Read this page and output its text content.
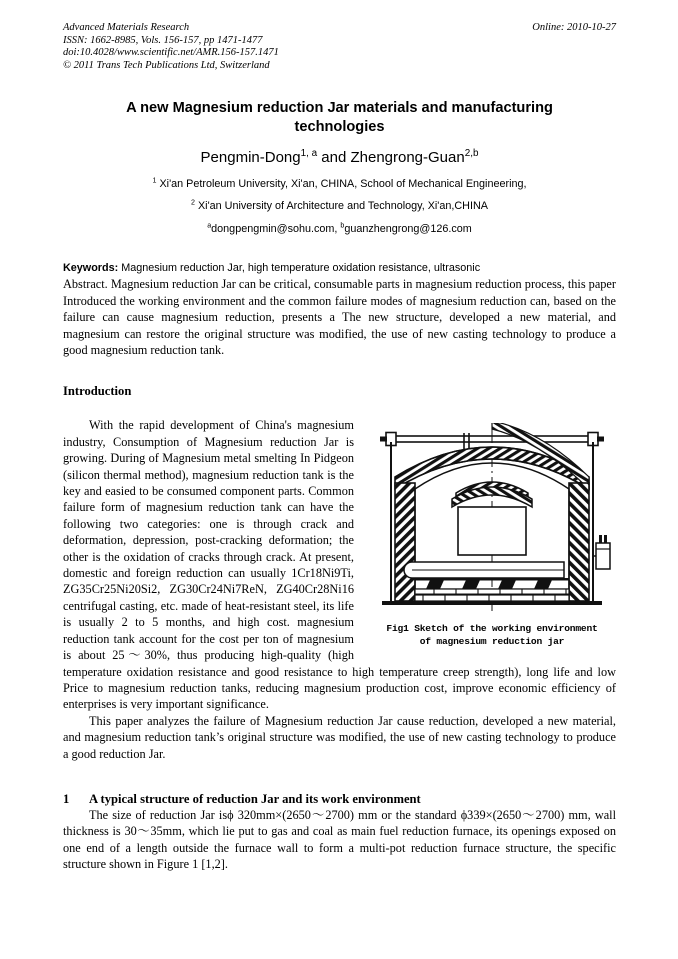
Advanced Materials Research
ISSN: 1662-8985, Vols. 156-157, pp 1471-1477
doi:10.4028/www.scientific.net/AMR.156-157.1471
© 2011 Trans Tech Publications Ltd, Switzerland
Online: 2010-10-27
A new Magnesium reduction Jar materials and manufacturing technologies
Pengmin-Dong$^{1, a}$ and Zhengrong-Guan$^{2,b}$
$^1$ Xi'an Petroleum University, Xi'an, CHINA, School of Mechanical Engineering,
$^2$ Xi'an University of Architecture and Technology, Xi'an,CHINA
$^a$dongpengmin@sohu.com, $^b$guanzhengrong@126.com
Keywords: Magnesium reduction Jar, high temperature oxidation resistance, ultrasonic
Abstract. Magnesium reduction Jar can be critical, consumable parts in magnesium reduction process, this paper Introduced the working environment and the common failure modes of magnesium reduction can, based on the failure can cause magnesium reduction, presents a The new structure, developed a new material, and magnesium can restore the original structure was modified, the use of new casting technology to produce a good magnesium reduction tank.
Introduction
Fig1 Sketch of the working environment
of magnesium reduction jar

With the rapid development of China's magnesium industry, Consumption of Magnesium reduction Jar is growing. During of Magnesium metal smelting In Pidgeon (silicon thermal method), magnesium reduction tank is the key and easied to be consumed component parts. Common failure form of magnesium reduction tank can have the following two categories: one is through crack and deformation, depression, post-cracking deformation; the other is the oxidation of cracks through crack. At present, domestic and foreign reduction can usually 1Cr18Ni9Ti, ZG35Cr25Ni20Si2, ZG30Cr24Ni7ReN, ZG40Cr28Ni16 centrifugal casting, etc. made of heat-resistant steel, its life is usually 2 to 5 months, and high cost. magnesium reduction tank account for the cost per ton of magnesium is about 25～30%, thus producing high-quality (high temperature oxidation resistance and good resistance to high temperature creep strength), long life and low Price to magnesium reduction tanks, reducing magnesium production cost, improve economic efficiency of enterprises is very important significance.

This paper analyzes the failure of Magnesium reduction Jar cause reduction, developed a new material, and magnesium reduction tank’s original structure was modified, the use of new casting technology to produce a good reduction Jar.

1 A typical structure of reduction Jar and its work environment

The size of reduction Jar isϕ 320mm×(2650～2700) mm or the standard ϕ339×(2650～2700) mm, wall thickness is 30～35mm, which lie put to gas and coal as main fuel reduction furnace, its openings exposed on one end of a length outside the furnace wall to form a multi-pot reduction furnace structure, the specific structure shown in Figure 1 [1,2].
